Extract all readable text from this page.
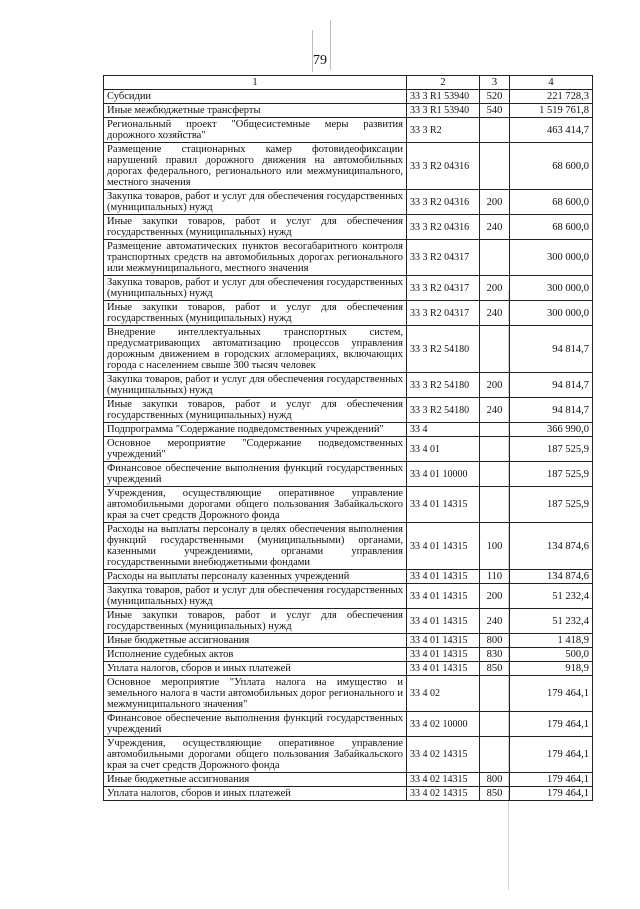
79
1	2	3	4
Субсидии	33 3 R1 53940	520	221 728,3
Иные межбюджетные трансферты	33 3 R1 53940	540	1 519 761,8
Региональный проект "Общесистемные меры развития дорожного хозяйства"	33 3 R2		463 414,7
Размещение стационарных камер фотовидеофиксации нарушений правил дорожного движения на автомобильных дорогах федерального, регионального или межмуниципального, местного значения	33 3 R2 04316		68 600,0
Закупка товаров, работ и услуг для обеспечения государственных (муниципальных) нужд	33 3 R2 04316	200	68 600,0
Иные закупки товаров, работ и услуг для обеспечения государственных (муниципальных) нужд	33 3 R2 04316	240	68 600,0
Размещение автоматических пунктов весогабаритного контроля транспортных средств на автомобильных дорогах регионального или межмуниципального, местного значения	33 3 R2 04317		300 000,0
Закупка товаров, работ и услуг для обеспечения государственных (муниципальных) нужд	33 3 R2 04317	200	300 000,0
Иные закупки товаров, работ и услуг для обеспечения государственных (муниципальных) нужд	33 3 R2 04317	240	300 000,0
Внедрение интеллектуальных транспортных систем, предусматривающих автоматизацию процессов управления дорожным движением в городских агломерациях, включающих города с населением свыше 300 тысяч человек	33 3 R2 54180		94 814,7
Закупка товаров, работ и услуг для обеспечения государственных (муниципальных) нужд	33 3 R2 54180	200	94 814,7
Иные закупки товаров, работ и услуг для обеспечения государственных (муниципальных) нужд	33 3 R2 54180	240	94 814,7
Подпрограмма "Содержание подведомственных учреждений"	33 4		366 990,0
Основное мероприятие "Содержание подведомственных учреждений"	33 4 01		187 525,9
Финансовое обеспечение выполнения функций государственных учреждений	33 4 01 10000		187 525,9
Учреждения, осуществляющие оперативное управление автомобильными дорогами общего пользования Забайкальского края за счет средств Дорожного фонда	33 4 01 14315		187 525,9
Расходы на выплаты персоналу в целях обеспечения выполнения функций государственными (муниципальными) органами, казенными учреждениями, органами управления государственными внебюджетными фондами	33 4 01 14315	100	134 874,6
Расходы на выплаты персоналу казенных учреждений	33 4 01 14315	110	134 874,6
Закупка товаров, работ и услуг для обеспечения государственных (муниципальных) нужд	33 4 01 14315	200	51 232,4
Иные закупки товаров, работ и услуг для обеспечения государственных (муниципальных) нужд	33 4 01 14315	240	51 232,4
Иные бюджетные ассигнования	33 4 01 14315	800	1 418,9
Исполнение судебных актов	33 4 01 14315	830	500,0
Уплата налогов, сборов и иных платежей	33 4 01 14315	850	918,9
Основное мероприятие "Уплата налога на имущество и земельного налога в части автомобильных дорог регионального и межмуниципального значения"	33 4 02		179 464,1
Финансовое обеспечение выполнения функций государственных учреждений	33 4 02 10000		179 464,1
Учреждения, осуществляющие оперативное управление автомобильными дорогами общего пользования Забайкальского края за счет средств Дорожного фонда	33 4 02 14315		179 464,1
Иные бюджетные ассигнования	33 4 02 14315	800	179 464,1
Уплата налогов, сборов и иных платежей	33 4 02 14315	850	179 464,1
